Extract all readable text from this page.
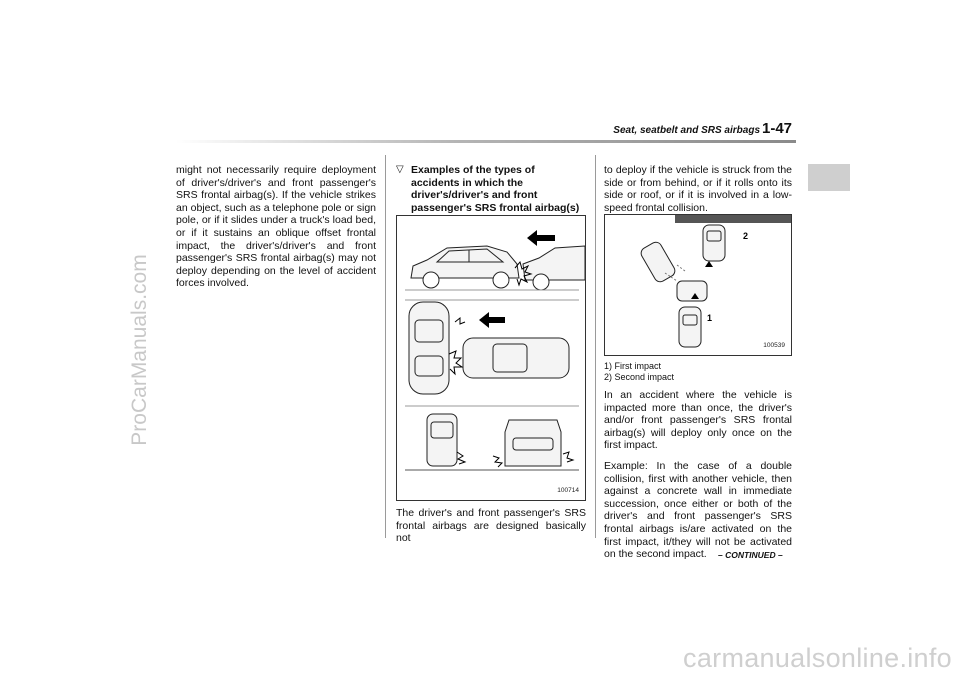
ProCarManuals.com
carmanualsonline.info
Seat, seatbelt and SRS airbags 1-47

might not necessarily require deployment of driver's/driver's and front passenger's SRS frontal airbag(s). If the vehicle strikes an object, such as a telephone pole or sign pole, or if it slides under a truck's load bed, or if it sustains an oblique offset frontal impact, the driver's/driver's and front passenger's SRS frontal airbag(s) may not deploy depending on the level of accident forces involved.

▽ Examples of the types of accidents in which the driver's/driver's and front passenger's SRS frontal airbag(s)
100714

The driver's and front passenger's SRS frontal airbags are designed basically not

to deploy if the vehicle is struck from the side or from behind, or if it rolls onto its side or roof, or if it is involved in a low-speed frontal collision.

2
1
100539
1) First impact
2) Second impact

In an accident where the vehicle is impacted more than once, the driver's and/or front passenger's SRS frontal airbag(s) will deploy only once on the first impact.

Example: In the case of a double collision, first with another vehicle, then against a concrete wall in immediate succession, once either or both of the driver's and front passenger's SRS frontal airbags is/are activated on the first impact, it/they will not be activated on the second impact.	– CONTINUED –
